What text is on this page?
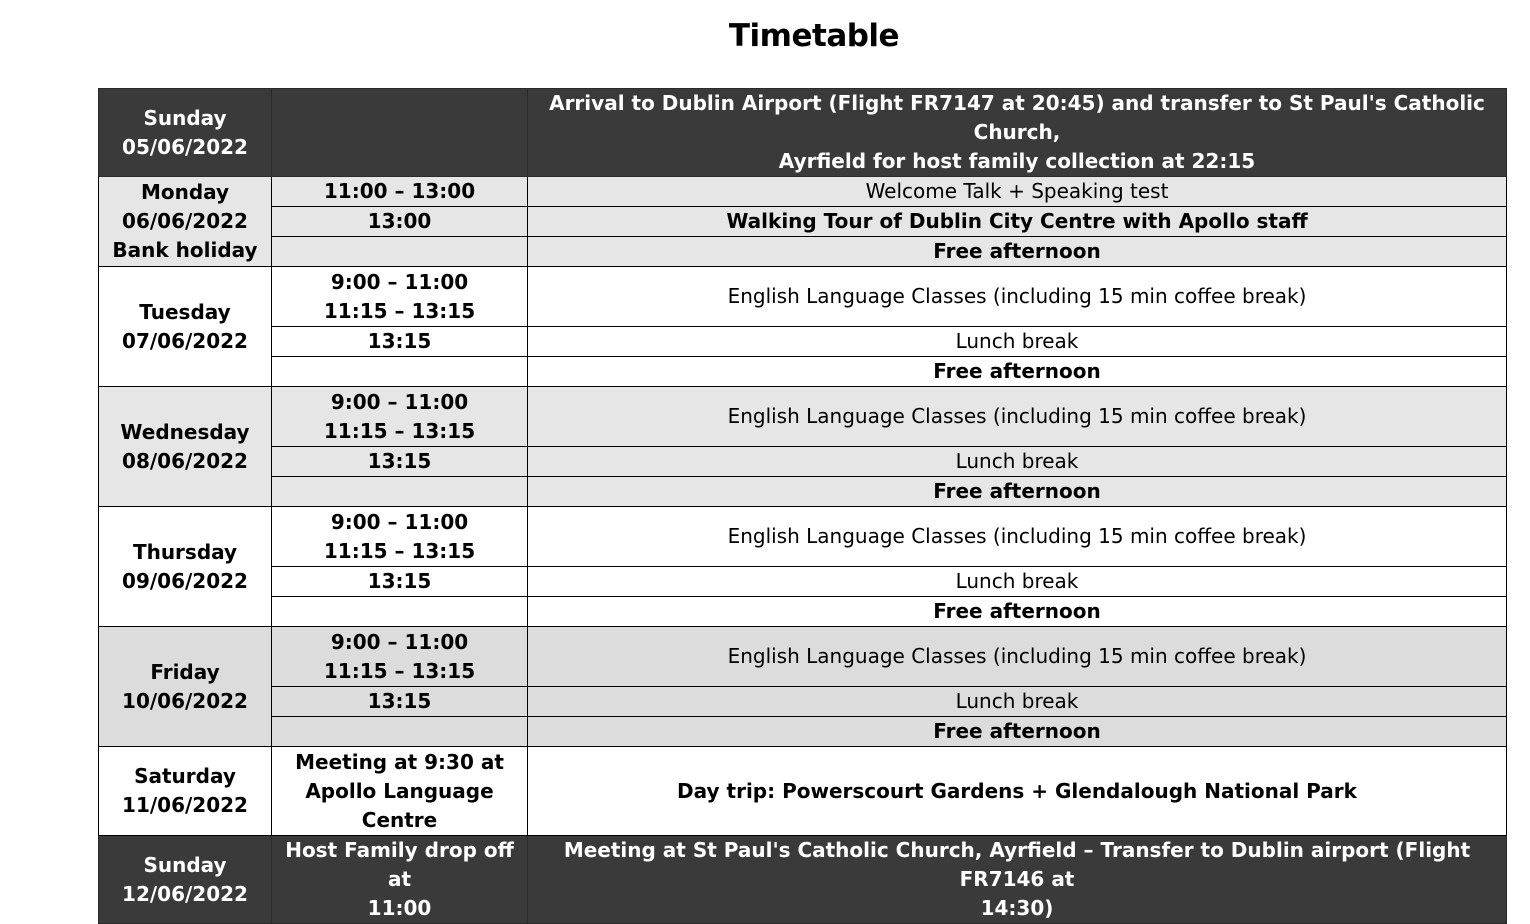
Timetable
Sunday
05/06/2022		Arrival to Dublin Airport (Flight FR7147 at 20:45) and transfer to St Paul's Catholic Church,
Ayrfield for host family collection at 22:15

Monday
06/06/2022
Bank holiday	11:00 – 13:00	Welcome Talk + Speaking test
	13:00	Walking Tour of Dublin City Centre with Apollo staff
		Free afternoon

Tuesday
07/06/2022	9:00 – 11:00
11:15 – 13:15	English Language Classes (including 15 min coffee break)
	13:15	Lunch break
		Free afternoon

Wednesday
08/06/2022	9:00 – 11:00
11:15 – 13:15	English Language Classes (including 15 min coffee break)
	13:15	Lunch break
		Free afternoon

Thursday
09/06/2022	9:00 – 11:00
11:15 – 13:15	English Language Classes (including 15 min coffee break)
	13:15	Lunch break
		Free afternoon

Friday
10/06/2022	9:00 – 11:00
11:15 – 13:15	English Language Classes (including 15 min coffee break)
	13:15	Lunch break
		Free afternoon

Saturday
11/06/2022	Meeting at 9:30 at
Apollo Language
Centre	Day trip: Powerscourt Gardens + Glendalough National Park

Sunday
12/06/2022	Host Family drop off at
11:00	Meeting at St Paul's Catholic Church, Ayrfield – Transfer to Dublin airport (Flight FR7146 at
14:30)
